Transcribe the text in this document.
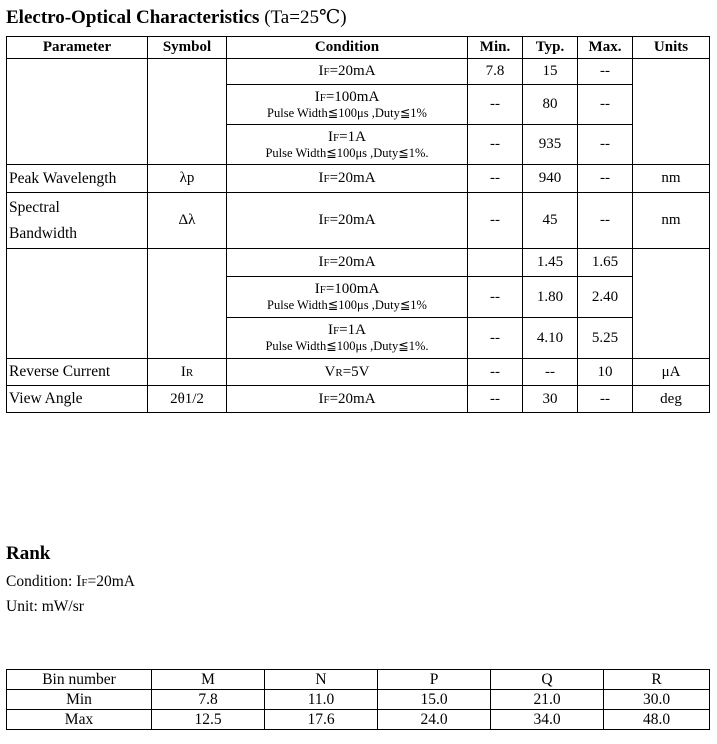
Electro-Optical Characteristics (Ta=25℃)
Parameter	Symbol	Condition	Min.	Typ.	Max.	Units

		IF=20mA	7.8	15	--	

		IF=100mA
Pulse Width≦100μs ,Duty≦1%	--	80	--	

		IF=1A
Pulse Width≦100μs ,Duty≦1%.	--	935	--	
Peak Wavelength	λp	IF=20mA	--	940	--	nm
Spectral
Bandwidth	Δλ	IF=20mA	--	45	--	nm

		IF=20mA		1.45	1.65	

		IF=100mA
Pulse Width≦100μs ,Duty≦1%	--	1.80	2.40	

		IF=1A
Pulse Width≦100μs ,Duty≦1%.	--	4.10	5.25	
Reverse Current	IR	VR=5V	--	--	10	μA
View Angle	2θ1/2	IF=20mA	--	30	--	deg
Rank

Condition: IF=20mA

Unit: mW/sr

Bin number	M	N	P	Q	R
Min	7.8	11.0	15.0	21.0	30.0
Max	12.5	17.6	24.0	34.0	48.0
